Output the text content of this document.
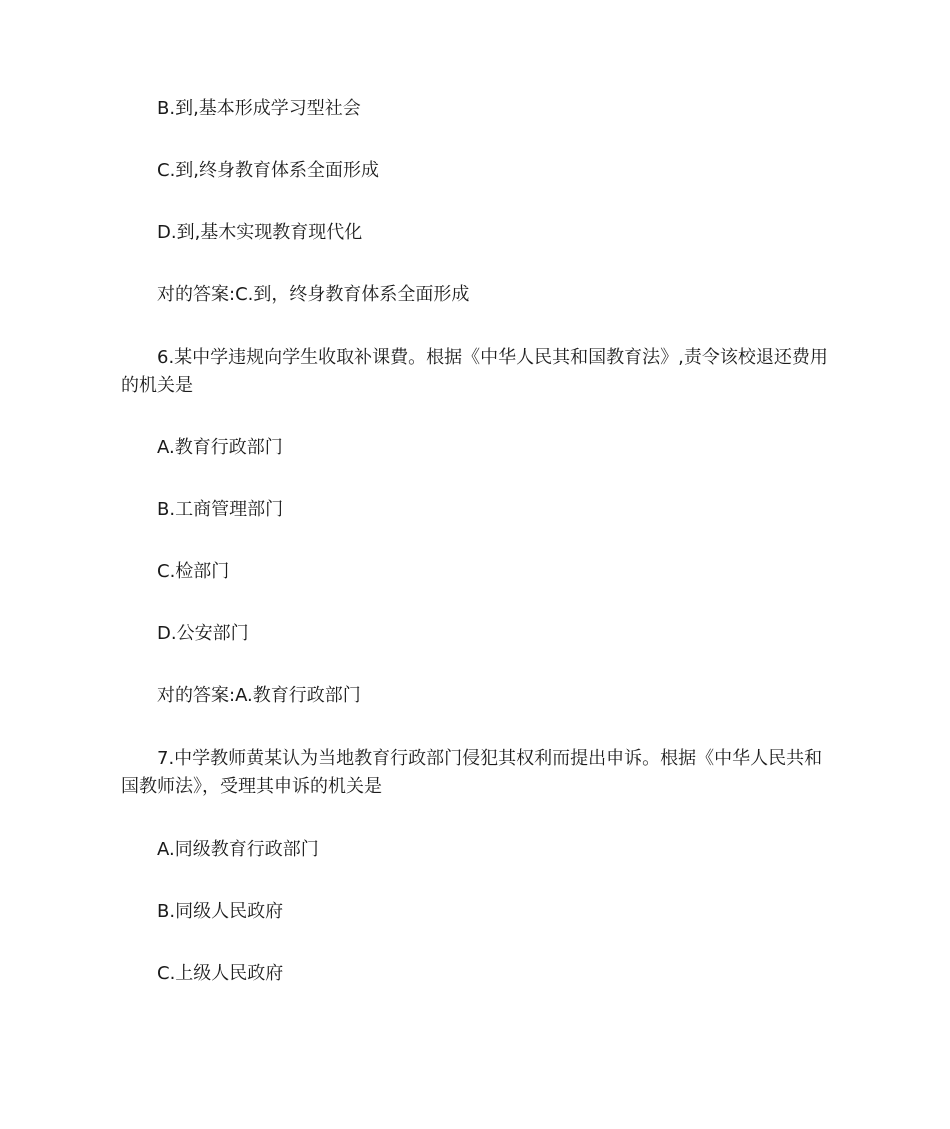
B.到,基本形成学习型社会
C.到,终身教育体系全面形成
D.到,基木实现教育现代化
对的答案:C.到，终身教育体系全面形成
6.某中学违规向学生收取补课費。根据《中华人民其和国教育法》,责令该校退还费用的机关是
A.教育行政部门
B.工商管理部门
C.检部门
D.公安部门
对的答案:A.教育行政部门
7.中学教师黄某认为当地教育行政部门侵犯其权利而提出申诉。根据《中华人民共和国教师法》，受理其申诉的机关是
A.同级教育行政部门
B.同级人民政府
C.上级人民政府
